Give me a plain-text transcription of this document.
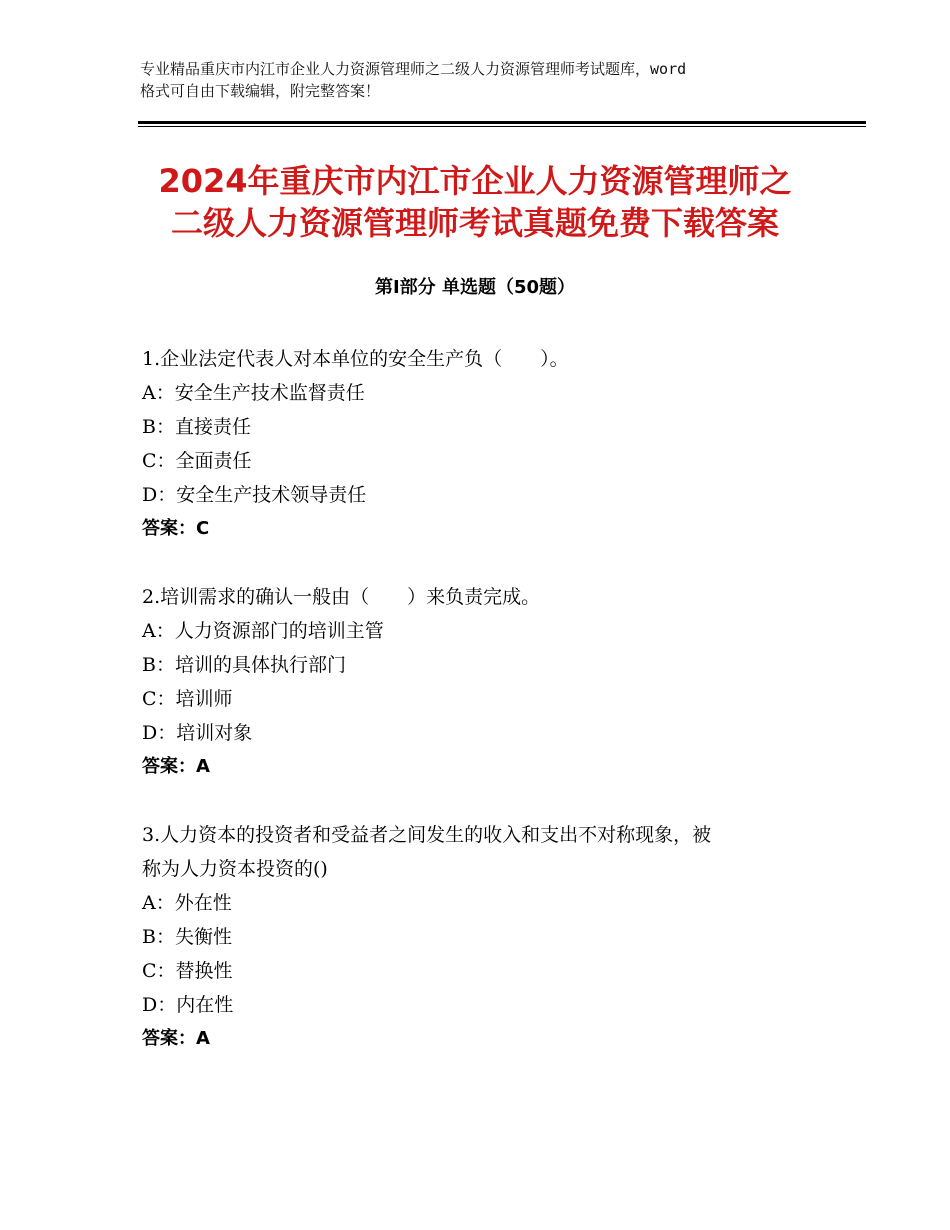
专业精品重庆市内江市企业人力资源管理师之二级人力资源管理师考试题库，word
格式可自由下载编辑，附完整答案！
2024年重庆市内江市企业人力资源管理师之
二级人力资源管理师考试真题免费下载答案
第Ⅰ部分 单选题（50题）
1.企业法定代表人对本单位的安全生产负（　　）。
A：安全生产技术监督责任
B：直接责任
C：全面责任
D：安全生产技术领导责任
答案：C
2.培训需求的确认一般由（　　）来负责完成。
A：人力资源部门的培训主管
B：培训的具体执行部门
C：培训师
D：培训对象
答案：A
3.人力资本的投资者和受益者之间发生的收入和支出不对称现象，被
称为人力资本投资的()
A：外在性
B：失衡性
C：替换性
D：内在性
答案：A
